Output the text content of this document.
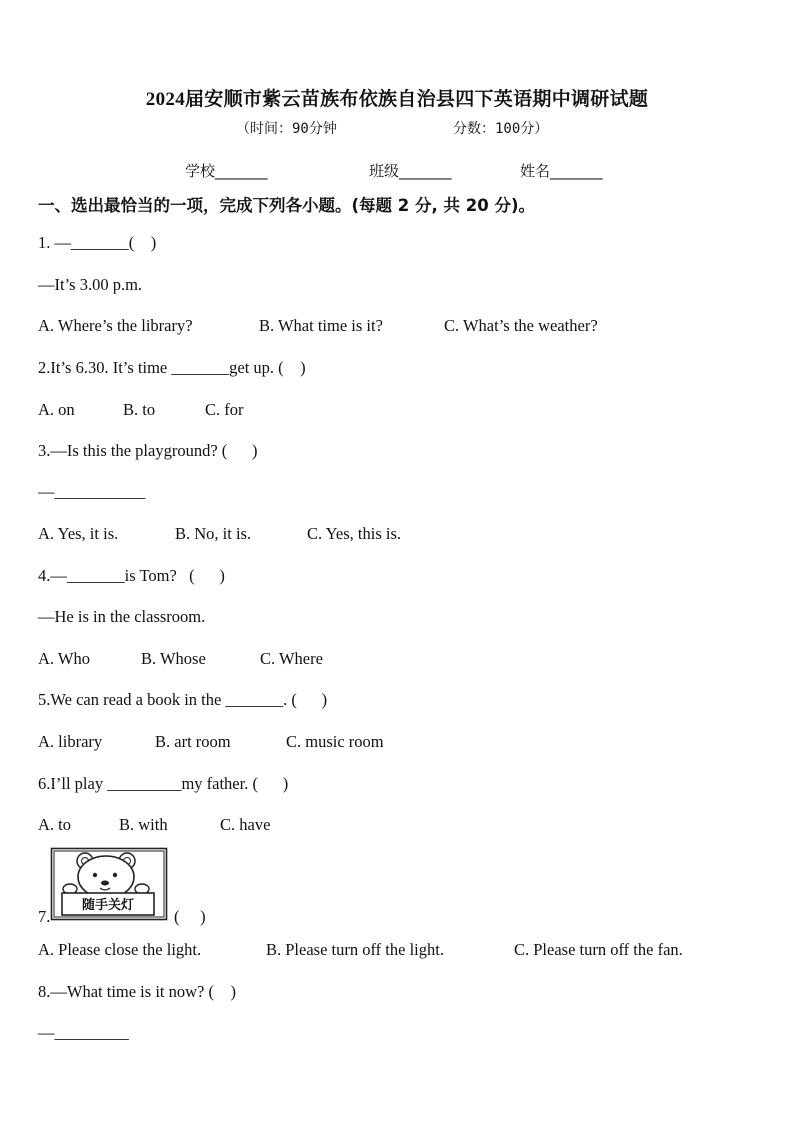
2024届安顺市紫云苗族布依族自治县四下英语期中调研试题
（时间：90分钟	分数：100分）
学校_______	班级_______	姓名_______
一、选出最恰当的一项，完成下列各小题。(每题 2 分, 共 20 分)。
1. —_______(    )
—It’s 3.00 p.m.
A. Where’s the library?	B. What time is it?	C. What’s the weather?
2.It’s 6.30. It’s time _______get up. (    )
A. on	B. to	C. for
3.—Is this the playground? (      )
—___________
A. Yes, it is.	B. No, it is.	C. Yes, this is.
4.—_______is Tom?   (      )
—He is in the classroom.
A. Who	B. Whose	C. Where
5.We can read a book in the _______. (      )
A. library	B. art room	C. music room
6.I’ll play _________my father. (      )
A. to	B. with	C. have
7.
随手关灯
(     )
A. Please close the light.	B. Please turn off the light.	C. Please turn off the fan.
8.—What time is it now? (    )
—_________
